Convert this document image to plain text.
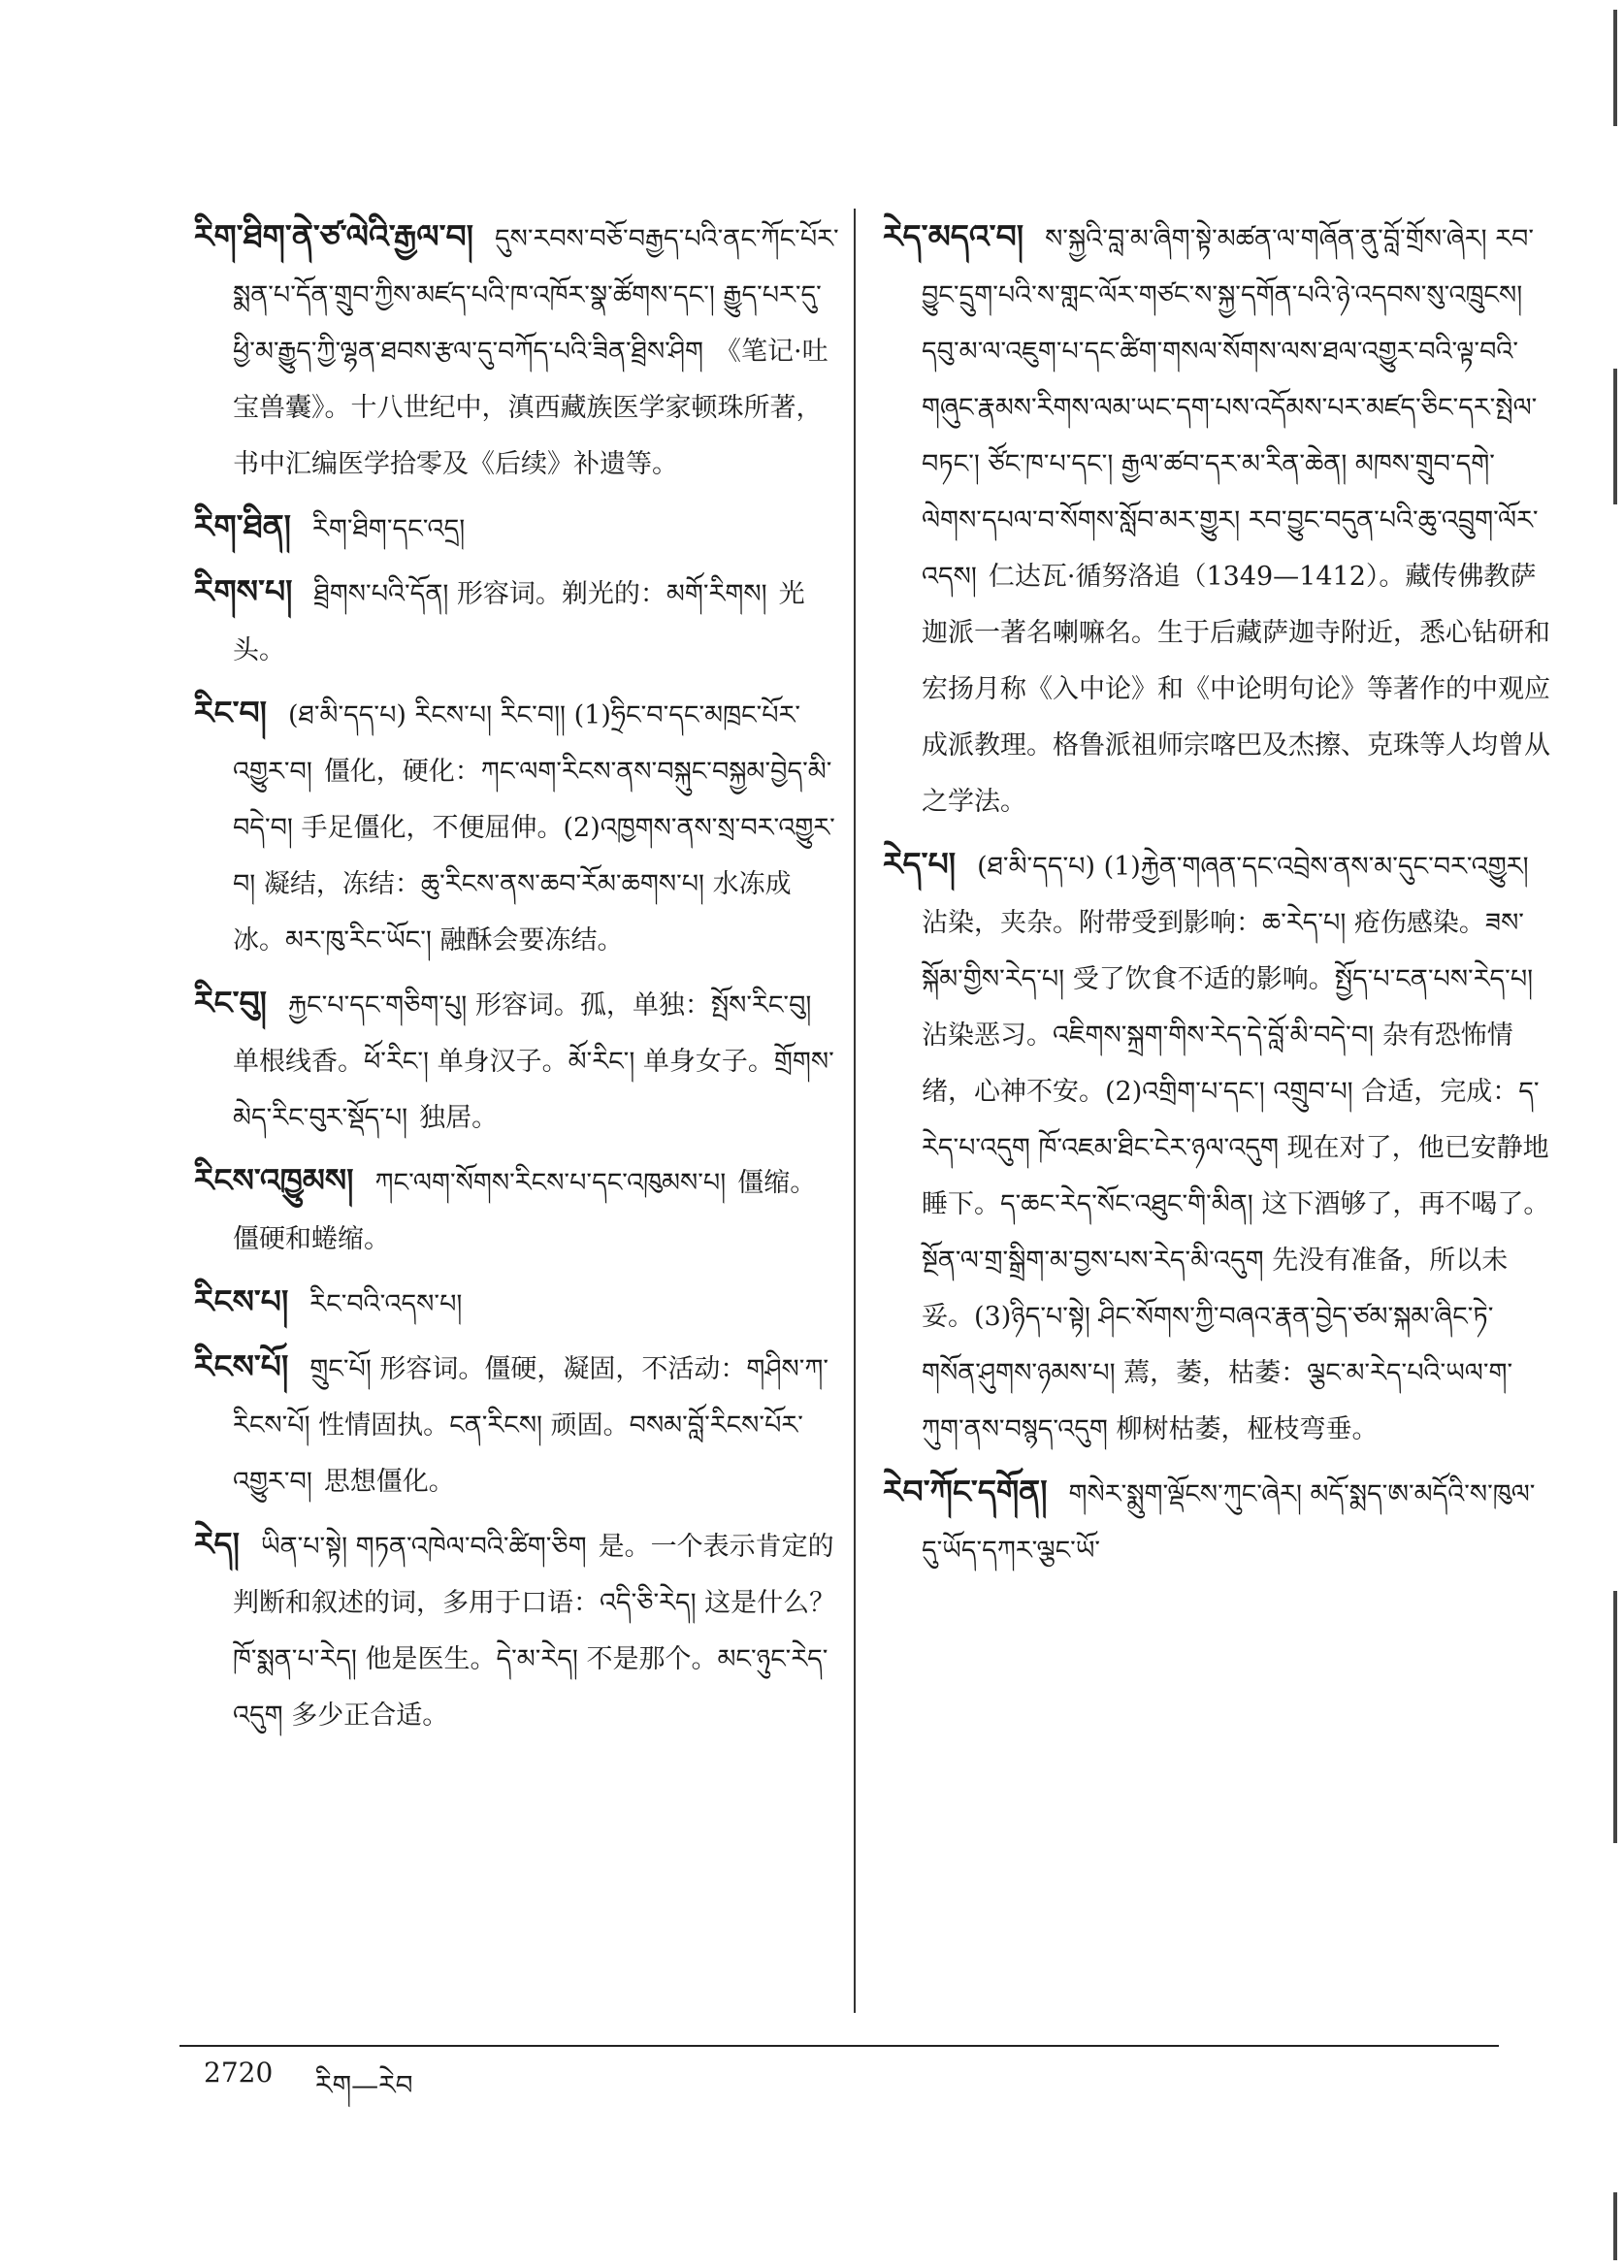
རིག་ཐིག་ནེ་ཙ་ལེའི་རྒྱལ་བ། དུས་རབས་བཅོ་བརྒྱད་པའི་ནང་ཀོང་པོར་སྨན་པ་དོན་གྲུབ་ཀྱིས་མཛད་པའི་ཁ་འཁོར་སྣ་ཚོགས་དང་། རྒྱུད་པར་དུ་ཕྱི་མ་རྒྱུད་ཀྱི་ལྷན་ཐབས་རྩལ་དུ་བཀོད་པའི་ཟིན་ཐྲིས་ཤིག 《笔记·吐宝兽囊》。十八世纪中，滇西藏族医学家顿珠所著，书中汇编医学拾零及《后续》补遗等。
རིག་ཐིན། རིག་ཐིག་དང་འདྲ།
རིགས་པ། ཐྲིགས་པའི་དོན། 形容词。剃光的：མགོ་རིགས། 光头。
རིང་བ། (ཐ་མི་དད་པ) རིངས་པ། རིང་བ།། (1)ཧྲིང་བ་དང་མཁྲང་པོར་འགྱུར་བ། 僵化，硬化：ཀང་ལག་རིངས་ནས་བསྐུང་བསྐྱམ་བྱེད་མི་བདེ་བ། 手足僵化，不便屈伸。(2)འཁྱགས་ནས་སྲ་བར་འགྱུར་བ། 凝结，冻结：ཆུ་རིངས་ནས་ཆབ་རོམ་ཆགས་པ། 水冻成冰。མར་ཁུ་རིང་ཡོང་། 融酥会要冻结。
རིང་བུ། རྐྱང་པ་དང་གཅིག་པུ། 形容词。孤，单独：སྤོས་རིང་བུ། 单根线香。ཕོ་རིང་། 单身汉子。མོ་རིང་། 单身女子。གྲོགས་མེད་རིང་བུར་སྡོད་པ། 独居。
རིངས་འཁྱུམས། ཀང་ལག་སོགས་རིངས་པ་དང་འཁུམས་པ། 僵缩。僵硬和蜷缩。
རིངས་པ། རིང་བའི་འདས་པ།
རིངས་པོ། གྲུང་པོ། 形容词。僵硬，凝固，不活动：གཤིས་ཀ་རིངས་པོ། 性情固执。ངན་རིངས། 顽固。བསམ་བློ་རིངས་པོར་འགྱུར་བ། 思想僵化。
རེད། ཡིན་པ་སྟེ། གཏན་འཁེལ་བའི་ཚིག་ཅིག 是。一个表示肯定的判断和叙述的词，多用于口语：འདི་ཅི་རེད། 这是什么？ཁོ་སྨན་པ་རེད། 他是医生。དེ་མ་རེད། 不是那个。མང་ཉུང་རེད་འདུག 多少正合适。
རེད་མདའ་བ། ས་སྐྱའི་བླ་མ་ཞིག་སྟེ་མཚན་ལ་གཞོན་ནུ་བློ་གྲོས་ཞེར། རབ་བྱུང་དྲུག་པའི་ས་གླང་ལོར་གཙང་ས་སྐྱ་དགོན་པའི་ཉེ་འདབས་སུ་འཁྲུངས། དབུ་མ་ལ་འཇུག་པ་དང་ཚིག་གསལ་སོགས་ལས་ཐལ་འགྱུར་བའི་ལྟ་བའི་གཞུང་རྣམས་རིགས་ལམ་ཡང་དག་པས་འདོམས་པར་མཛད་ཅིང་དར་སྤེལ་བཏང་། ཙོང་ཁ་པ་དང་། རྒྱལ་ཚབ་དར་མ་རིན་ཆེན། མཁས་གྲུབ་དགེ་ལེགས་དཔལ་བ་སོགས་སློབ་མར་གྱུར། རབ་བྱུང་བདུན་པའི་ཆུ་འབྲུག་ལོར་འདས། 仁达瓦·循努洛追（1349—1412）。藏传佛教萨迦派一著名喇嘛名。生于后藏萨迦寺附近，悉心钻研和宏扬月称《入中论》和《中论明句论》等著作的中观应成派教理。格鲁派祖师宗喀巴及杰擦、克珠等人均曾从之学法。
རེད་པ། (ཐ་མི་དད་པ) (1)རྐྱེན་གཞན་དང་འབྲེས་ནས་མ་དུང་བར་འགྱུར།沾染，夹杂。附带受到影响：ཆ་རེད་པ། 疮伤感染。ཟས་སྐོམ་གྱིས་རེད་པ། 受了饮食不适的影响。སྤྱོད་པ་ངན་པས་རེད་པ། 沾染恶习。འཇིགས་སྐྲག་གིས་རེད་དེ་བློ་མི་བདེ་བ། 杂有恐怖情绪，心神不安。(2)འགྲིག་པ་དང་། འགྲུབ་པ། 合适，完成：ད་རེད་པ་འདུག ཁོ་འཇམ་ཐིང་ངེར་ཉལ་འདུག 现在对了，他已安静地睡下。ད་ཆང་རེད་སོང་འཐུང་གི་མིན། 这下酒够了，再不喝了。སྔོན་ལ་གྲ་སྒྲིག་མ་བྱས་པས་རེད་མི་འདུག 先没有准备，所以未妥。(3)ཉིད་པ་སྟེ། ཤིང་སོགས་ཀྱི་བཞའ་རྣན་བྱེད་ཙམ་སྐམ་ཞིང་ཏེ་གསོན་ཤུགས་ཉམས་པ། 蔫，萎，枯萎：ལྕང་མ་རེད་པའི་ཡལ་ག་ཀུག་ནས་བསྙད་འདུག 柳树枯萎，桠枝弯垂。
རེབ་ཀོང་དགོན། གསེར་སྨུག་ལྡོངས་ཀུང་ཞེར། མདོ་སྨད་ཨ་མདོའི་ས་ཁུལ་དུ་ཡོད་དཀར་ལྕང་ཡོ་
2720 རིག—རེབ
